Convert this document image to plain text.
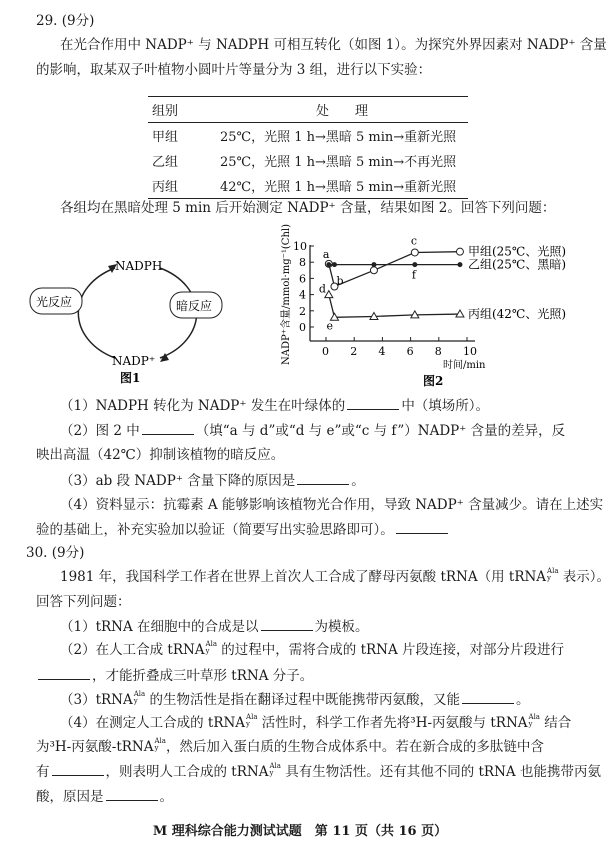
29. (9分)
在光合作用中 NADP⁺ 与 NADPH 可相互转化（如图 1）。为探究外界因素对 NADP⁺ 含量
的影响，取某双子叶植物小圆叶片等量分为 3 组，进行以下实验：
组别	处　　理
甲组	25℃，光照 1 h→黑暗 5 min→重新光照
乙组	25℃，光照 1 h→黑暗 5 min→不再光照
丙组	42℃，光照 1 h→黑暗 5 min→重新光照
各组均在黑暗处理 5 min 后开始测定 NADP⁺ 含量，结果如图 2。回答下列问题：
NADPH
NADP⁺
光反应	暗反应
图1
0 2 4 6 8 10
0
2
4
6
8
10
NADP⁺含量/mmol·mg⁻¹(Chl)
时间/min
图2
甲组(25℃、光照)
乙组(25℃、黑暗)
丙组(42℃、光照)
a
b
c
d
e
f
（1）NADPH 转化为 NADP⁺ 发生在叶绿体的	中（填场所）。
（2）图 2 中	（填“a 与 d”或“d 与 e”或“c 与 f”）NADP⁺ 含量的差异，反
映出高温（42℃）抑制该植物的暗反应。
（3）ab 段 NADP⁺ 含量下降的原因是	。
（4）资料显示：抗霉素 A 能够影响该植物光合作用，导致 NADP⁺ 含量减少。请在上述实
验的基础上，补充实验加以验证（简要写出实验思路即可）。
30. (9分)
1981 年，我国科学工作者在世界上首次人工合成了酵母丙氨酸 tRNA（用 tRNA Ala
y 表示）。
回答下列问题：
（1）tRNA 在细胞中的合成是以	为模板。
（2）在人工合成 tRNA Ala
y 的过程中，需将合成的 tRNA 片段连接，对部分片段进行
，才能折叠成三叶草形 tRNA 分子。
（3） tRNA Ala
y 的生物活性是指在翻译过程中既能携带丙氨酸，又能	。
（4）在测定人工合成的 tRNA Ala
y 活性时，科学工作者先将³H-丙氨酸与 tRNA Ala
y 结合
为³H-丙氨酸- tRNA Ala
y ，然后加入蛋白质的生物合成体系中。若在新合成的多肽链中含
有	，则表明人工合成的 tRNA Ala
y 具有生物活性。还有其他不同的 tRNA 也能携带丙氨
酸，原因是	。
M 理科综合能力测试试题　第 11 页（共 16 页）
